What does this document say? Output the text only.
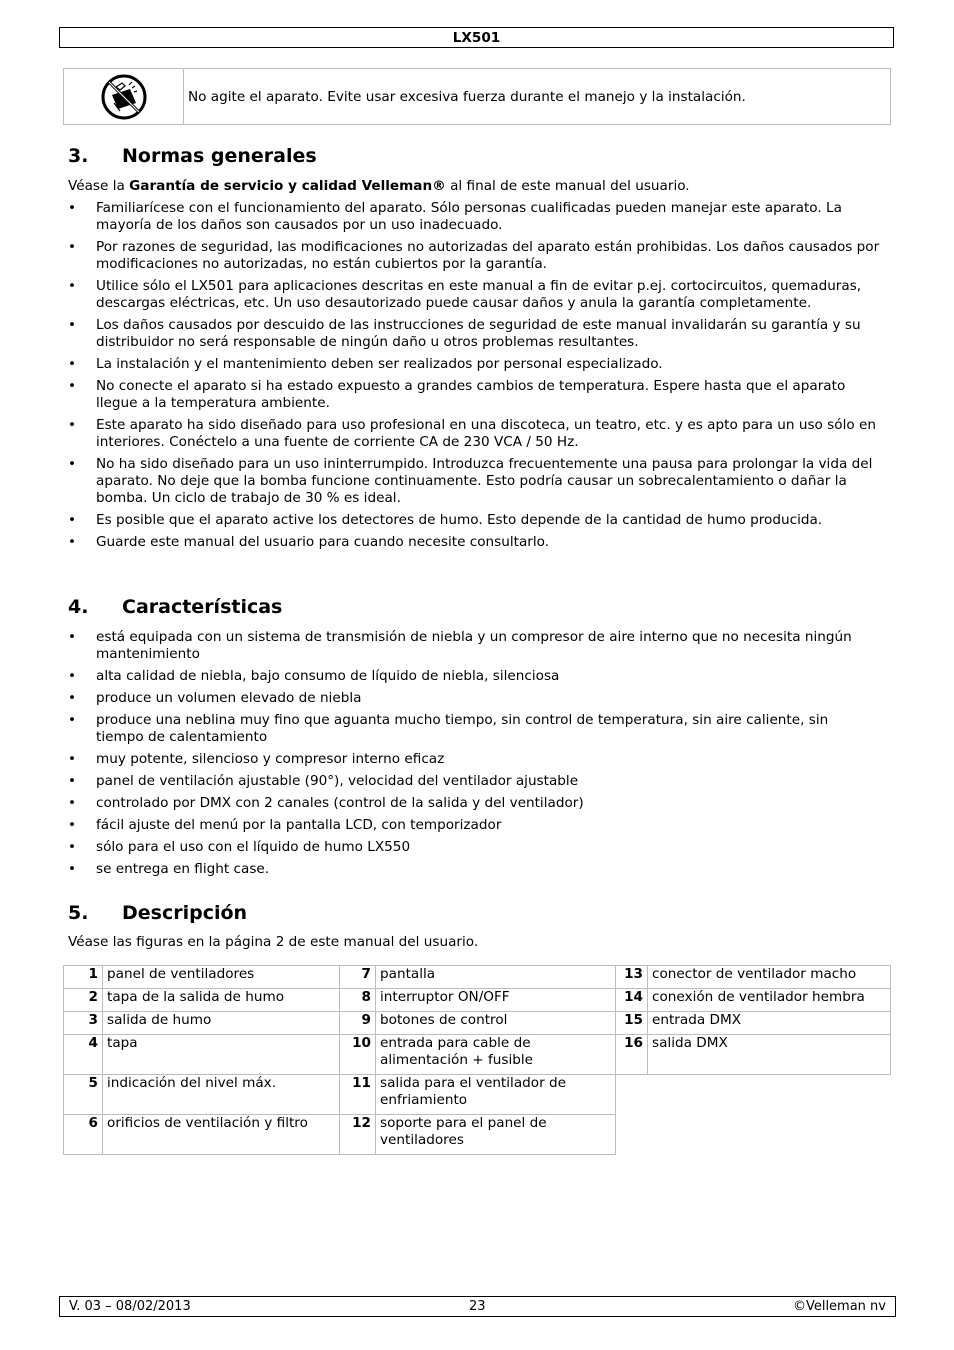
LX501
No agite el aparato. Evite usar excesiva fuerza durante el manejo y la instalación.
3. Normas generales

Véase la Garantía de servicio y calidad Velleman® al final de este manual del usuario.

• Familiarícese con el funcionamiento del aparato. Sólo personas cualificadas pueden manejar este aparato. La mayoría de los daños son causados por un uso inadecuado.
• Por razones de seguridad, las modificaciones no autorizadas del aparato están prohibidas. Los daños causados por modificaciones no autorizadas, no están cubiertos por la garantía.
• Utilice sólo el LX501 para aplicaciones descritas en este manual a fin de evitar p.ej. cortocircuitos, quemaduras, descargas eléctricas, etc. Un uso desautorizado puede causar daños y anula la garantía completamente.
• Los daños causados por descuido de las instrucciones de seguridad de este manual invalidarán su garantía y su distribuidor no será responsable de ningún daño u otros problemas resultantes.
• La instalación y el mantenimiento deben ser realizados por personal especializado.
• No conecte el aparato si ha estado expuesto a grandes cambios de temperatura. Espere hasta que el aparato llegue a la temperatura ambiente.
• Este aparato ha sido diseñado para uso profesional en una discoteca, un teatro, etc. y es apto para un uso sólo en interiores. Conéctelo a una fuente de corriente CA de 230 VCA / 50 Hz.
• No ha sido diseñado para un uso ininterrumpido. Introduzca frecuentemente una pausa para prolongar la vida del aparato. No deje que la bomba funcione continuamente. Esto podría causar un sobrecalentamiento o dañar la bomba. Un ciclo de trabajo de 30 % es ideal.
• Es posible que el aparato active los detectores de humo. Esto depende de la cantidad de humo producida.
• Guarde este manual del usuario para cuando necesite consultarlo.
4. Características
• está equipada con un sistema de transmisión de niebla y un compresor de aire interno que no necesita ningún mantenimiento
• alta calidad de niebla, bajo consumo de líquido de niebla, silenciosa
• produce un volumen elevado de niebla
• produce una neblina muy fino que aguanta mucho tiempo, sin control de temperatura, sin aire caliente, sin tiempo de calentamiento
• muy potente, silencioso y compresor interno eficaz
• panel de ventilación ajustable (90°), velocidad del ventilador ajustable
• controlado por DMX con 2 canales (control de la salida y del ventilador)
• fácil ajuste del menú por la pantalla LCD, con temporizador
• sólo para el uso con el líquido de humo LX550
• se entrega en flight case.
5. Descripción

Véase las figuras en la página 2 de este manual del usuario.

1	panel de ventiladores	7	pantalla	13	conector de ventilador macho
2	tapa de la salida de humo	8	interruptor ON/OFF	14	conexión de ventilador hembra
3	salida de humo	9	botones de control	15	entrada DMX
4	tapa	10	entrada para cable de alimentación + fusible	16	salida DMX
5	indicación del nivel máx.	11	salida para el ventilador de enfriamiento		
6	orificios de ventilación y filtro	12	soporte para el panel de ventiladores		
V. 03 – 08/02/2013	23	©Velleman nv
